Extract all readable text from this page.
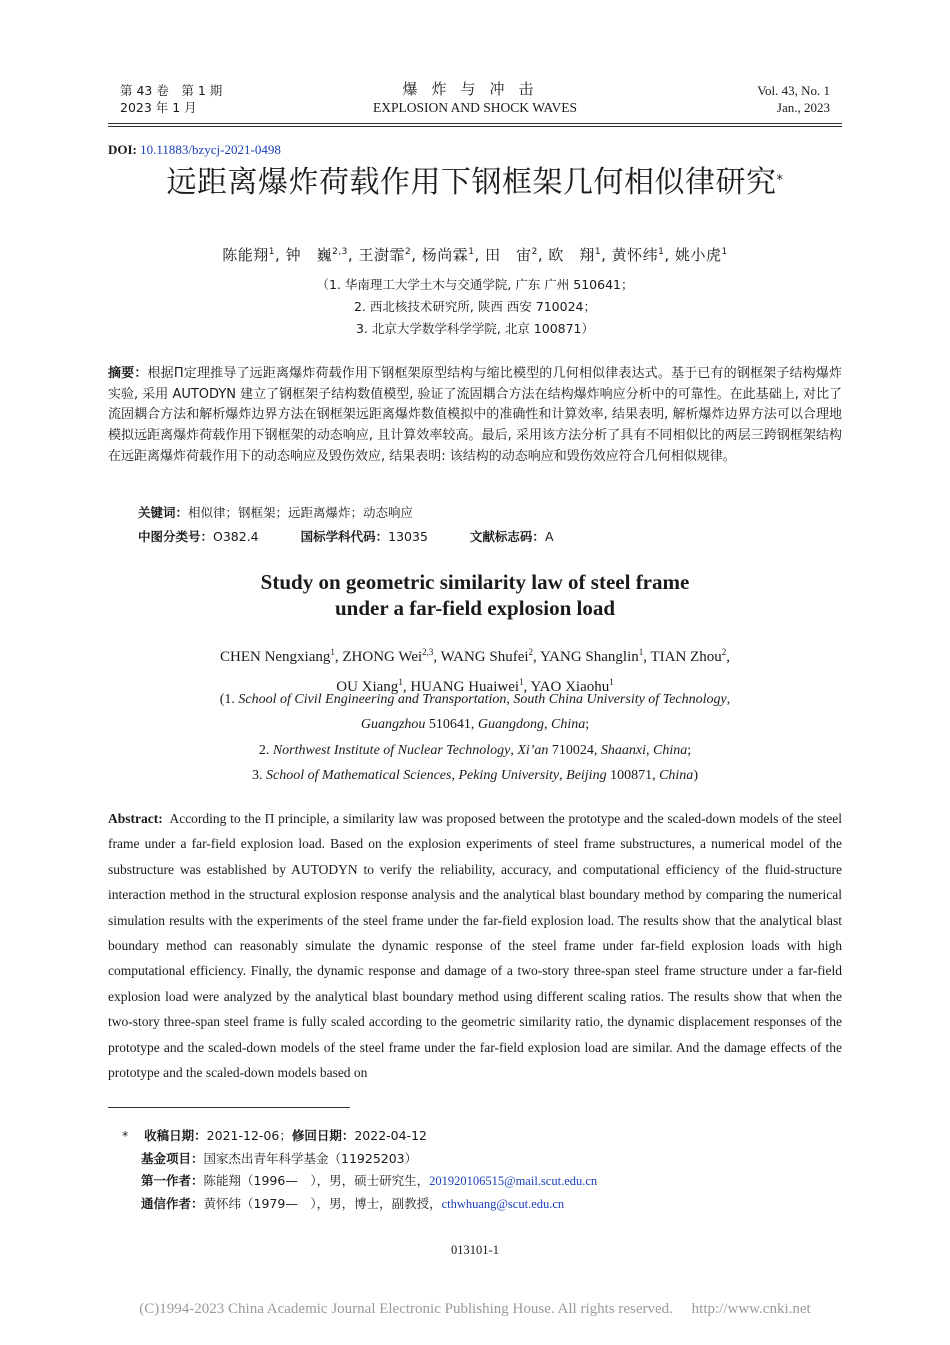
第 43 卷　第 1 期
2023 年 1 月
爆炸与冲击
EXPLOSION AND SHOCK WAVES
Vol. 43, No. 1
Jan., 2023
DOI: 10.11883/bzycj-2021-0498
远距离爆炸荷载作用下钢框架几何相似律研究*
陈能翔$^1$, 钟　巍$^{2,3}$, 王澍霏$^2$, 杨尚霖$^1$, 田　宙$^2$, 欧　翔$^1$, 黄怀纬$^1$, 姚小虎$^1$
（1. 华南理工大学土木与交通学院, 广东 广州 510641；
2. 西北核技术研究所, 陕西 西安 710024；
3. 北京大学数学科学学院, 北京 100871）
摘要：根据Π定理推导了远距离爆炸荷载作用下钢框架原型结构与缩比模型的几何相似律表达式。基于已有的钢框架子结构爆炸实验, 采用 AUTODYN 建立了钢框架子结构数值模型, 验证了流固耦合方法在结构爆炸响应分析中的可靠性。在此基础上, 对比了流固耦合方法和解析爆炸边界方法在钢框架远距离爆炸数值模拟中的准确性和计算效率, 结果表明, 解析爆炸边界方法可以合理地模拟远距离爆炸荷载作用下钢框架的动态响应, 且计算效率较高。最后, 采用该方法分析了具有不同相似比的两层三跨钢框架结构在远距离爆炸荷载作用下的动态响应及毁伤效应, 结果表明: 该结构的动态响应和毁伤效应符合几何相似规律。
关键词：相似律；钢框架；远距离爆炸；动态响应
中图分类号：O382.4	国标学科代码：13035	文献标志码：A
Study on geometric similarity law of steel frame
under a far-field explosion load
CHEN Nengxiang$^1$, ZHONG Wei$^{2,3}$, WANG Shufei$^2$, YANG Shanglin$^1$, TIAN Zhou$^2$,
OU Xiang$^1$, HUANG Huaiwei$^1$, YAO Xiaohu$^1$
(1. School of Civil Engineering and Transportation, South China University of Technology,
Guangzhou 510641, Guangdong, China;
2. Northwest Institute of Nuclear Technology, Xi’an 710024, Shaanxi, China;
3. School of Mathematical Sciences, Peking University, Beijing 100871, China)
Abstract: According to the Π principle, a similarity law was proposed between the prototype and the scaled-down models of the steel frame under a far-field explosion load. Based on the explosion experiments of steel frame substructures, a numerical model of the substructure was established by AUTODYN to verify the reliability, accuracy, and computational efficiency of the fluid-structure interaction method in the structural explosion response analysis and the analytical blast boundary method by comparing the numerical simulation results with the experiments of the steel frame under the far-field explosion load. The results show that the analytical blast boundary method can reasonably simulate the dynamic response of the steel frame under far-field explosion loads with high computational efficiency. Finally, the dynamic response and damage of a two-story three-span steel frame structure under a far-field explosion load were analyzed by the analytical blast boundary method using different scaling ratios. The results show that when the two-story three-span steel frame is fully scaled according to the geometric similarity ratio, the dynamic displacement responses of the prototype and the scaled-down models of the steel frame under the far-field explosion load are similar. And the damage effects of the prototype and the scaled-down models based on
* 收稿日期：2021-12-06；修回日期：2022-04-12
基金项目：国家杰出青年科学基金（11925203）
第一作者：陈能翔（1996—　），男，硕士研究生，201920106515@mail.scut.edu.cn
通信作者：黄怀纬（1979—　），男，博士，副教授，cthwhuang@scut.edu.cn
013101-1
(C)1994-2023 China Academic Journal Electronic Publishing House. All rights reserved.　 http://www.cnki.net
